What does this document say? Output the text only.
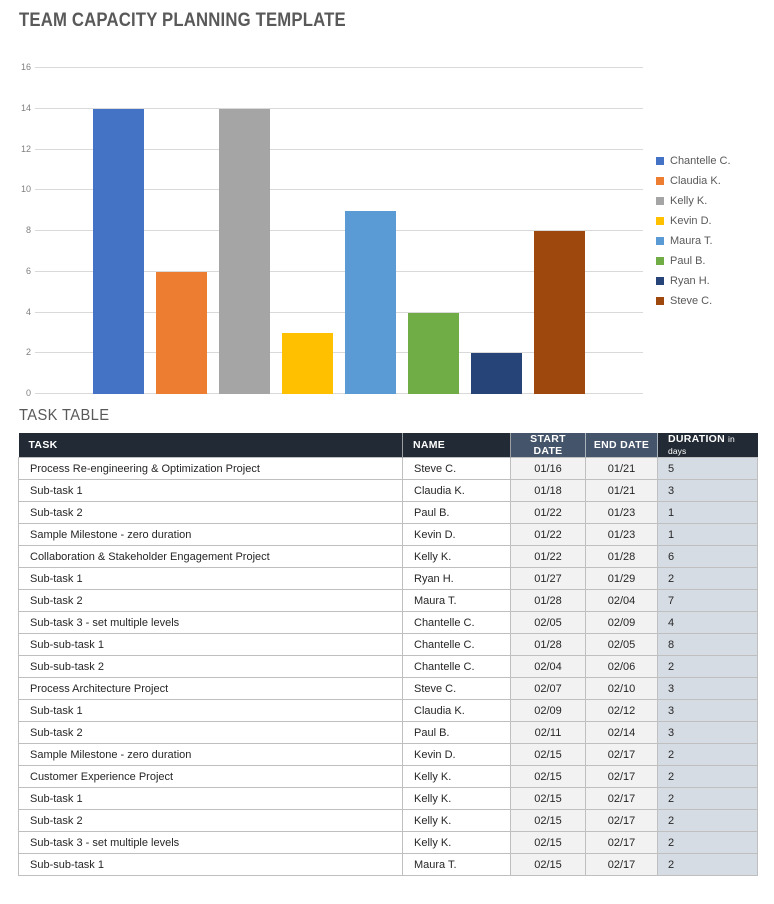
TEAM CAPACITY PLANNING TEMPLATE
0
2
4
6
8
10
12
14
16
Chantelle C.
Claudia K.
Kelly K.
Kevin D.
Maura T.
Paul B.
Ryan H.
Steve C.
TASK TABLE
TASK	NAME	START DATE	END DATE	DURATION in days
Process Re-engineering & Optimization Project	Steve C.	01/16	01/21	5
Sub-task 1	Claudia K.	01/18	01/21	3
Sub-task 2	Paul B.	01/22	01/23	1
Sample Milestone - zero duration	Kevin D.	01/22	01/23	1
Collaboration & Stakeholder Engagement Project	Kelly K.	01/22	01/28	6
Sub-task 1	Ryan H.	01/27	01/29	2
Sub-task 2	Maura T.	01/28	02/04	7
Sub-task 3 - set multiple levels	Chantelle C.	02/05	02/09	4
Sub-sub-task 1	Chantelle C.	01/28	02/05	8
Sub-sub-task 2	Chantelle C.	02/04	02/06	2
Process Architecture Project	Steve C.	02/07	02/10	3
Sub-task 1	Claudia K.	02/09	02/12	3
Sub-task 2	Paul B.	02/11	02/14	3
Sample Milestone - zero duration	Kevin D.	02/15	02/17	2
Customer Experience Project	Kelly K.	02/15	02/17	2
Sub-task 1	Kelly K.	02/15	02/17	2
Sub-task 2	Kelly K.	02/15	02/17	2
Sub-task 3 - set multiple levels	Kelly K.	02/15	02/17	2
Sub-sub-task 1	Maura T.	02/15	02/17	2
